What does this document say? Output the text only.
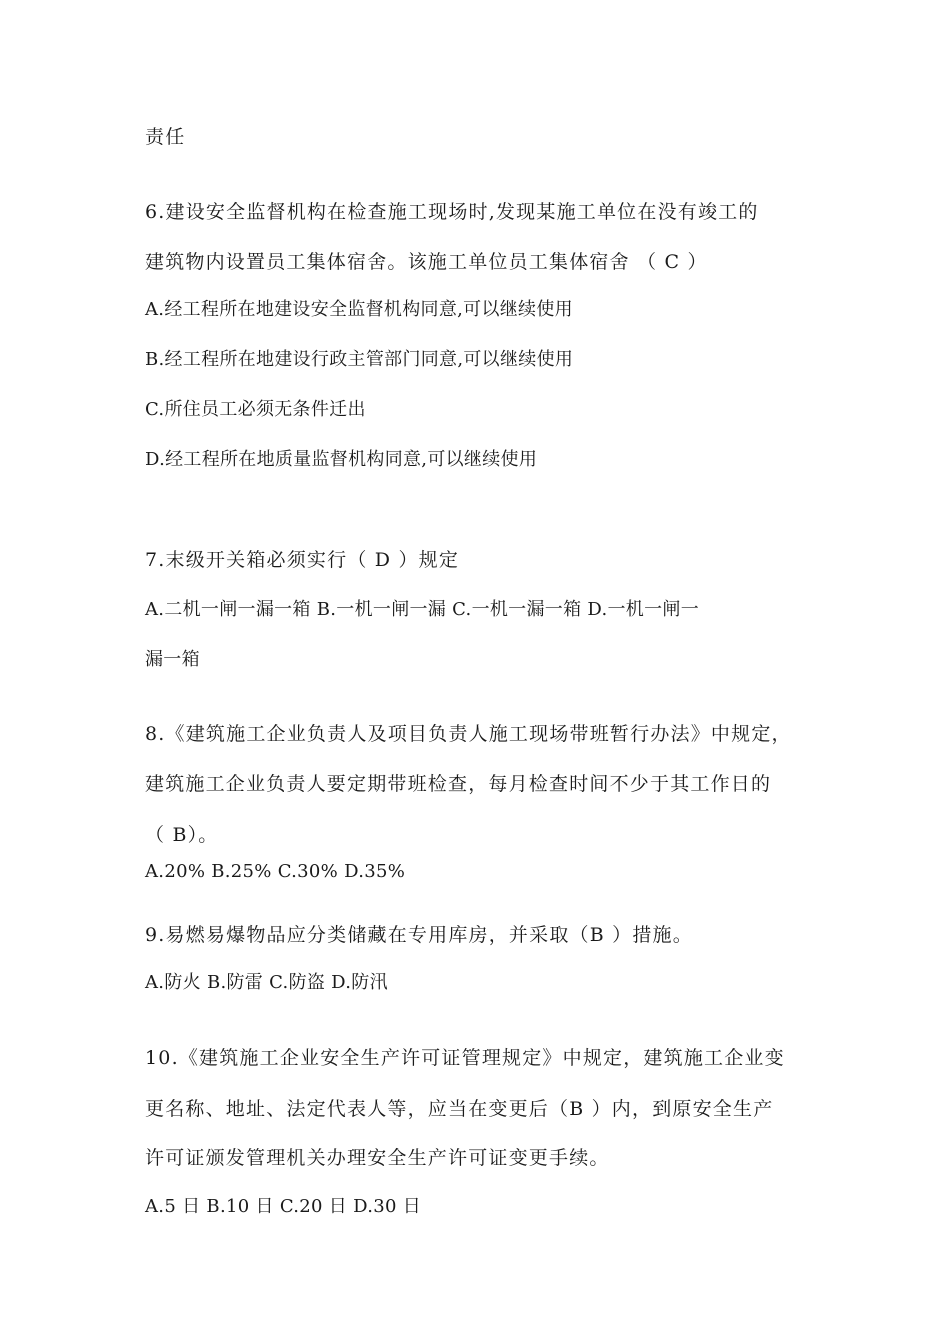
责任
6.建设安全监督机构在检查施工现场时,发现某施工单位在没有竣工的
建筑物内设置员工集体宿舍。该施工单位员工集体宿舍 （ C ）
A.经工程所在地建设安全监督机构同意,可以继续使用
B.经工程所在地建设行政主管部门同意,可以继续使用
C.所住员工必须无条件迁出
D.经工程所在地质量监督机构同意,可以继续使用
7.末级开关箱必须实行（ D ）规定
A.二机一闸一漏一箱 B.一机一闸一漏 C.一机一漏一箱 D.一机一闸一
漏一箱
8.《建筑施工企业负责人及项目负责人施工现场带班暂行办法》中规定，
建筑施工企业负责人要定期带班检查，每月检查时间不少于其工作日的
（ B）。
A.20% B.25% C.30% D.35%
9.易燃易爆物品应分类储藏在专用库房，并采取（B ）措施。
A.防火 B.防雷 C.防盗 D.防汛
10.《建筑施工企业安全生产许可证管理规定》中规定，建筑施工企业变
更名称、地址、法定代表人等，应当在变更后（B ）内，到原安全生产
许可证颁发管理机关办理安全生产许可证变更手续。
A.5 日 B.10 日 C.20 日 D.30 日
